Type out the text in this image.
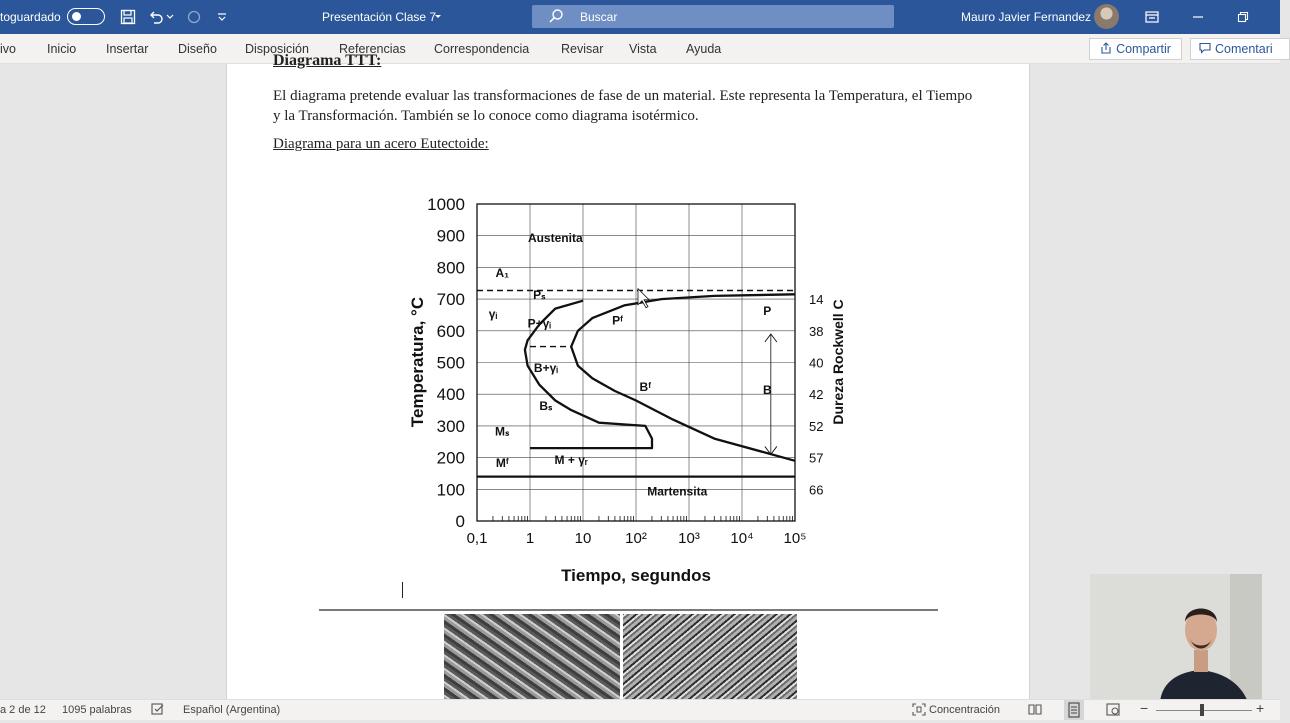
toguardado	Presentación Clase 7	Buscar	Mauro Javier Fernandez
ivo Inicio Insertar Diseño Disposición Referencias Correspondencia	Revisar Vista Ayuda	Compartir	Comentari
Diagrama TTT:
El diagrama pretende evaluar las transformaciones de fase de un material. Este representa la Temperatura, el Tiempo y la Transformación. También se lo conoce como diagrama isotérmico.
Diagrama para un acero Eutectoide:
0
100
200
300
400
500
600
700
800
900
1000
0,1	1	10 10² 10³ 10⁴ 10⁵
14
38
40
42
52
57
66
Austenita
A₁
γᵢ
Pₛ
P+γᵢ	Pᶠ
B+γᵢ
Bₛ
Bᶠ
Mₛ
Mᶠ	M + γᵣ
Martensita
P
B
Tiempo, segundos
Temperatura, °C	Dureza Rockwell C
a 2 de 12 1095 palabras	Español (Argentina)	Concentración	−	+
